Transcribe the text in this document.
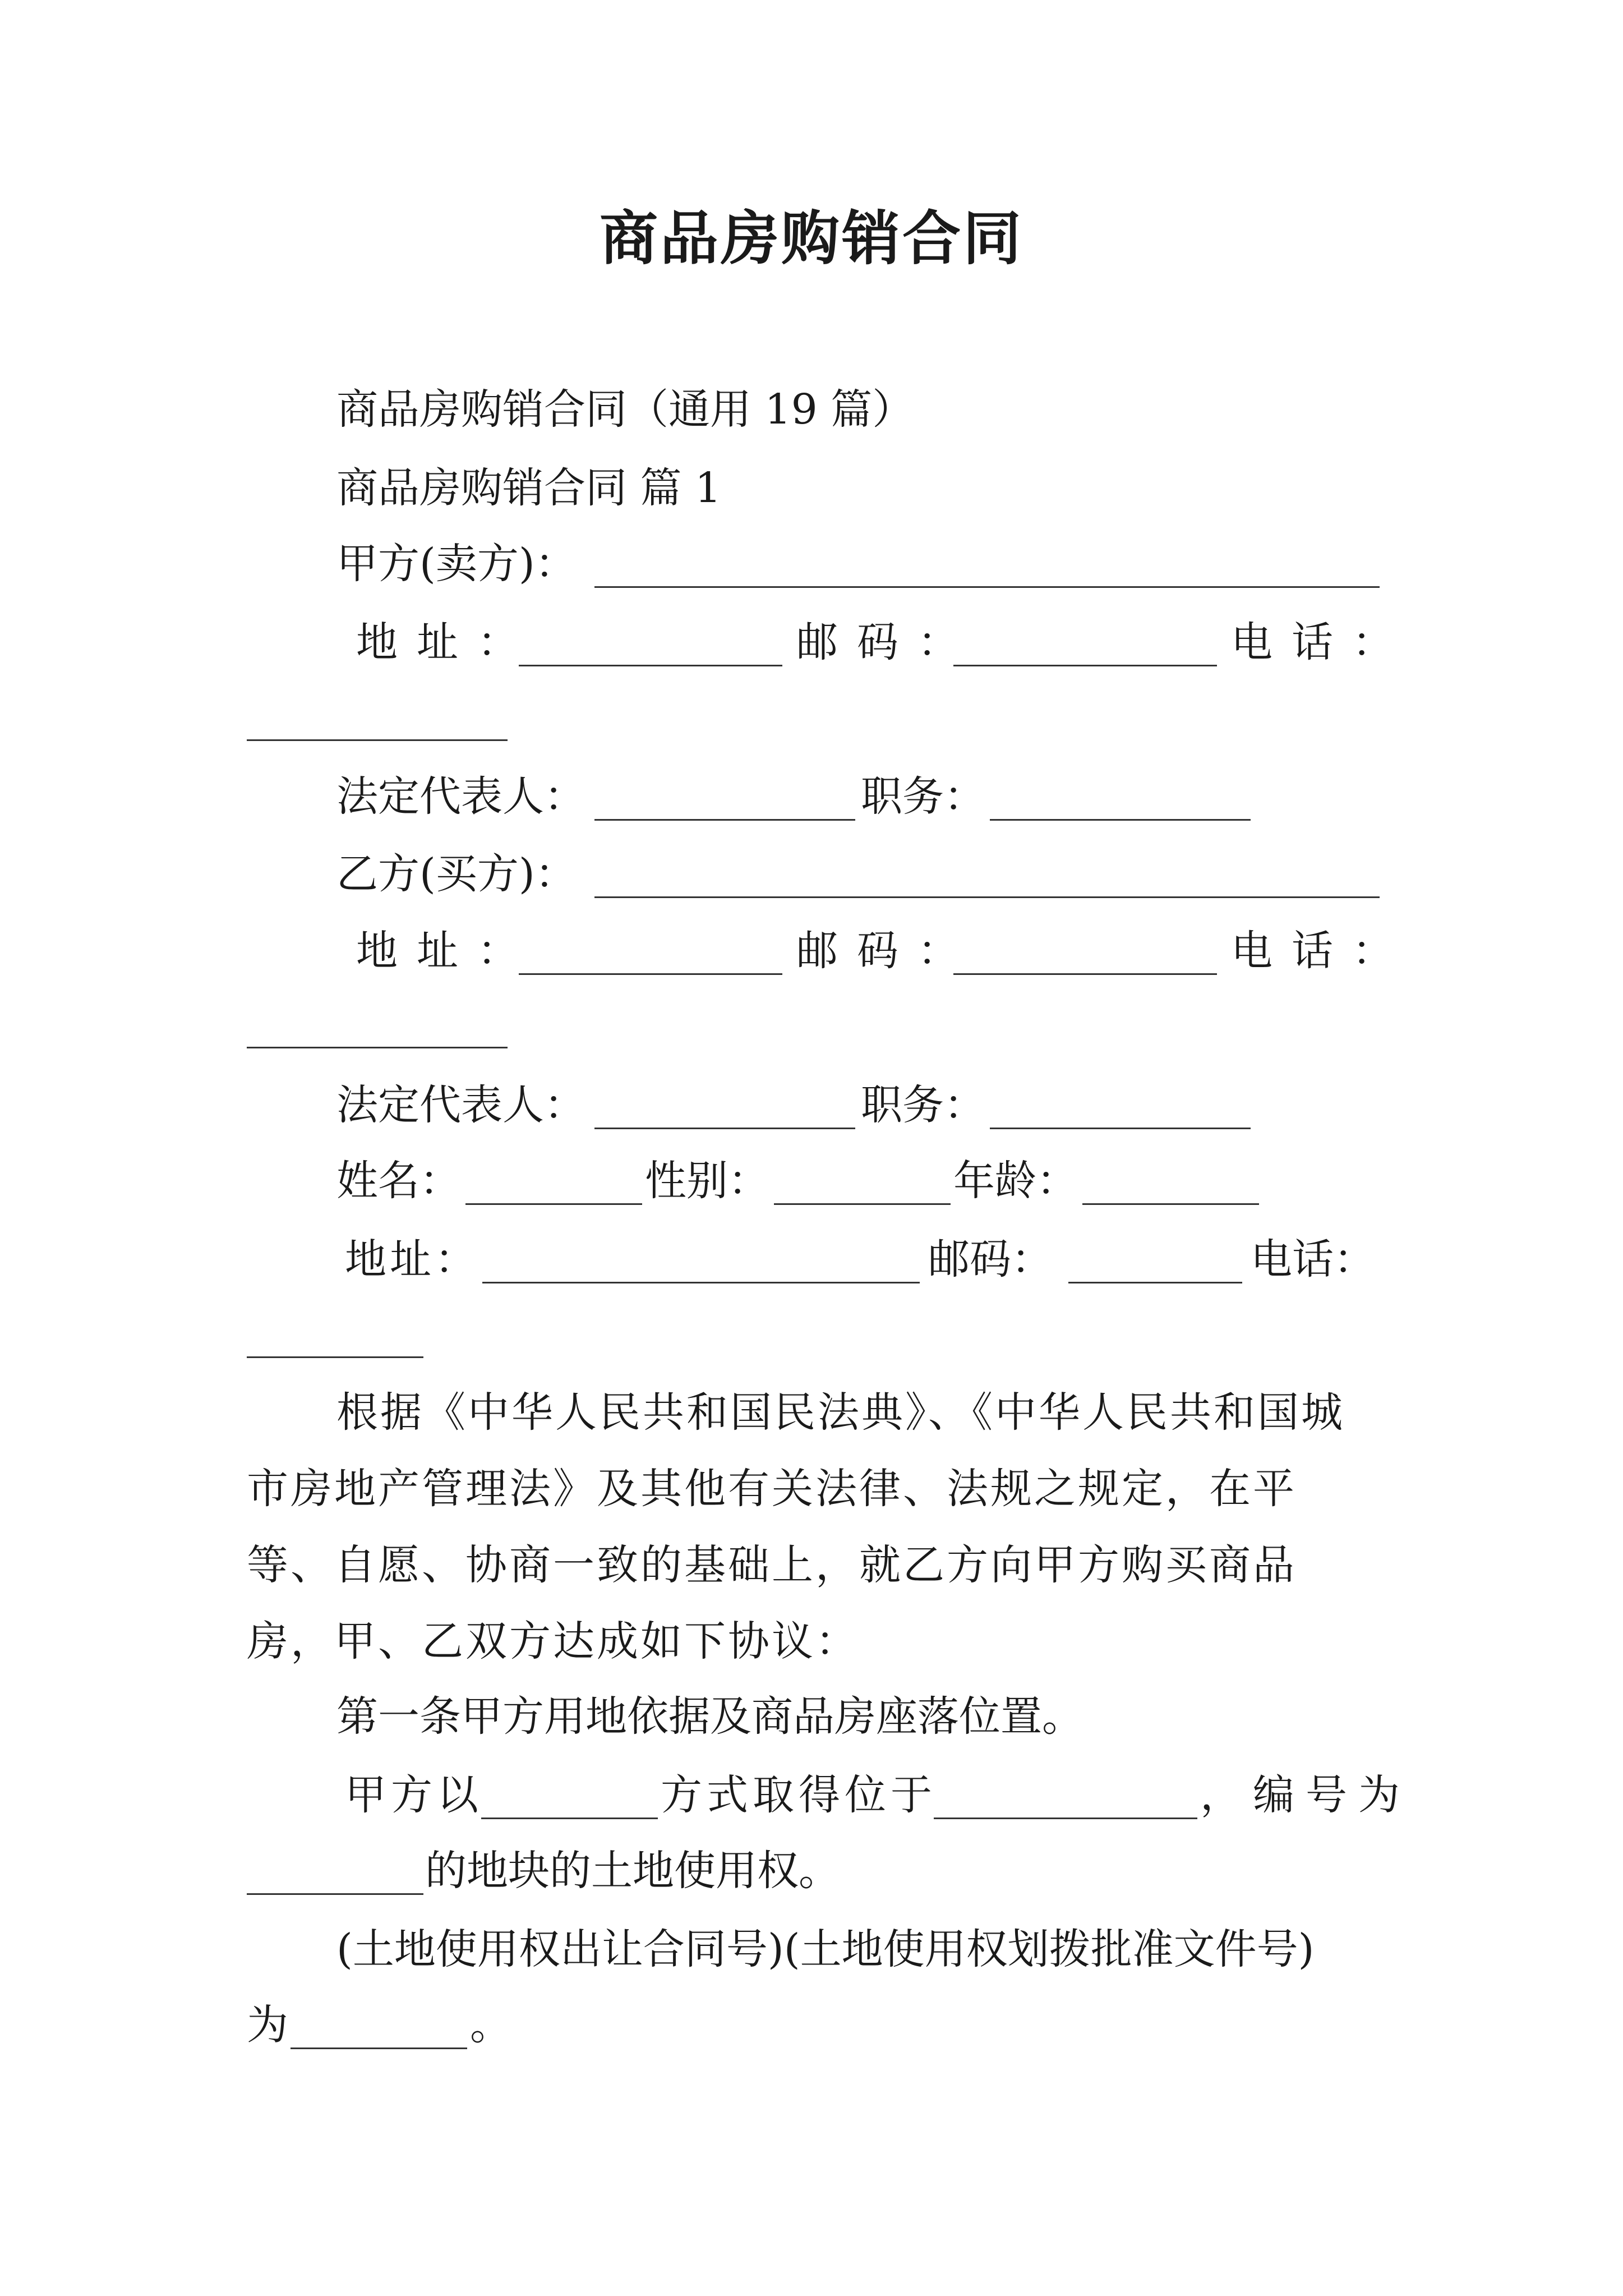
商品房购销合同
商品房购销合同（通用 19 篇）
商品房购销合同 篇 1
甲方(卖方)：
地址：	邮码：	电话：
法定代表人：	职务：
乙方(买方)：
地址：	邮码：	电话：
法定代表人：	职务：
姓名：	性别：	年龄：
地址：	邮码：	电话：
根据《中华人民共和国民法典》、《中华人民共和国城市房地产管理法》及其他有关法律、法规之规定，在平等、自愿、协商一致的基础上，就乙方向甲方购买商品房，甲、乙双方达成如下协议：
第一条甲方用地依据及商品房座落位置。
甲方以	方式取得位于	，编号为
的地块的土地使用权。
(土地使用权出让合同号)(土地使用权划拨批准文件号)
为	。
